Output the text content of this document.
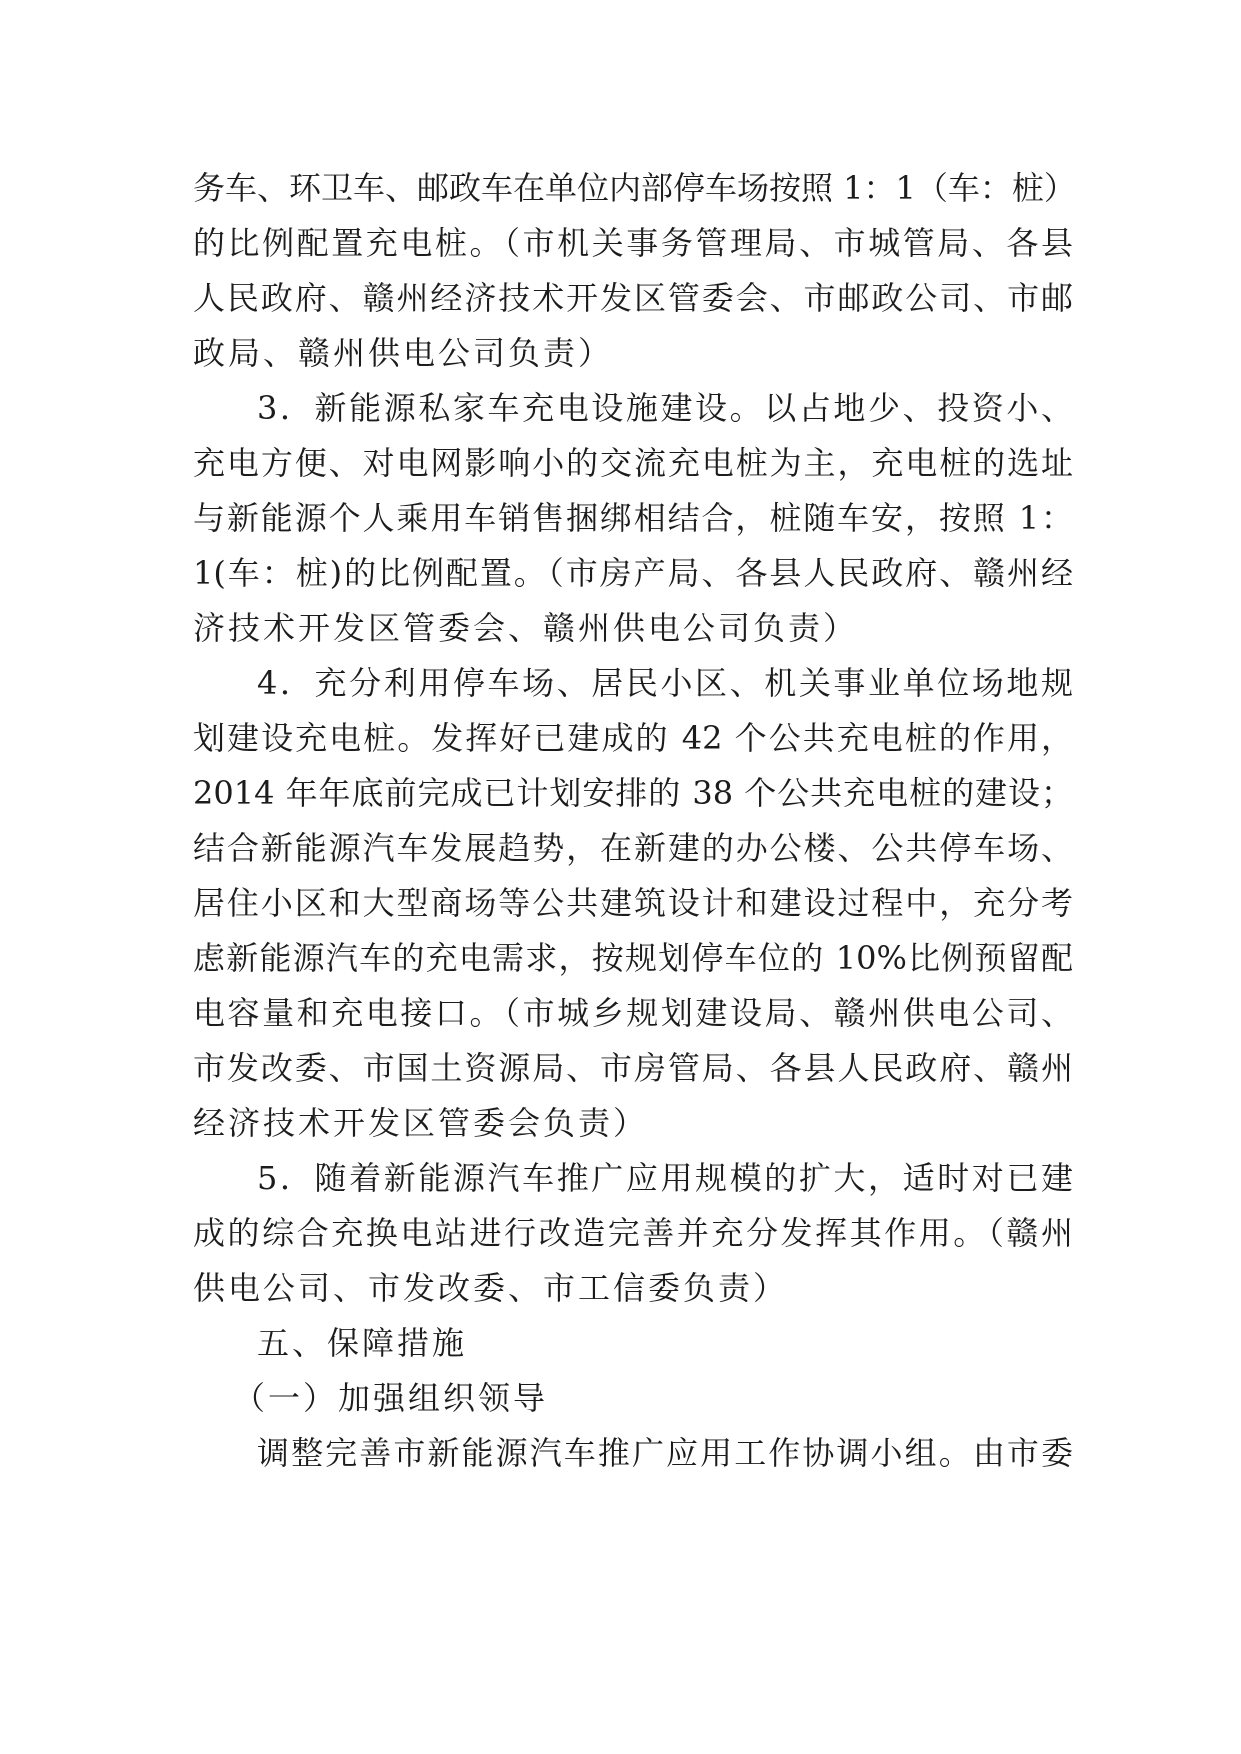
务车、环卫车、邮政车在单位内部停车场按照 1：1（车：桩）
的比例配置充电桩。（市机关事务管理局、市城管局、各县
人民政府、赣州经济技术开发区管委会、市邮政公司、市邮
政局、赣州供电公司负责）
3．新能源私家车充电设施建设。以占地少、投资小、
充电方便、对电网影响小的交流充电桩为主，充电桩的选址
与新能源个人乘用车销售捆绑相结合，桩随车安，按照 1：
1(车：桩)的比例配置。（市房产局、各县人民政府、赣州经
济技术开发区管委会、赣州供电公司负责）
4．充分利用停车场、居民小区、机关事业单位场地规
划建设充电桩。发挥好已建成的 42 个公共充电桩的作用，
2014 年年底前完成已计划安排的 38 个公共充电桩的建设；
结合新能源汽车发展趋势，在新建的办公楼、公共停车场、
居住小区和大型商场等公共建筑设计和建设过程中，充分考
虑新能源汽车的充电需求，按规划停车位的 10%比例预留配
电容量和充电接口。（市城乡规划建设局、赣州供电公司、
市发改委、市国土资源局、市房管局、各县人民政府、赣州
经济技术开发区管委会负责）
5．随着新能源汽车推广应用规模的扩大，适时对已建
成的综合充换电站进行改造完善并充分发挥其作用。（赣州
供电公司、市发改委、市工信委负责）
五、保障措施
（一）加强组织领导
调整完善市新能源汽车推广应用工作协调小组。由市委
